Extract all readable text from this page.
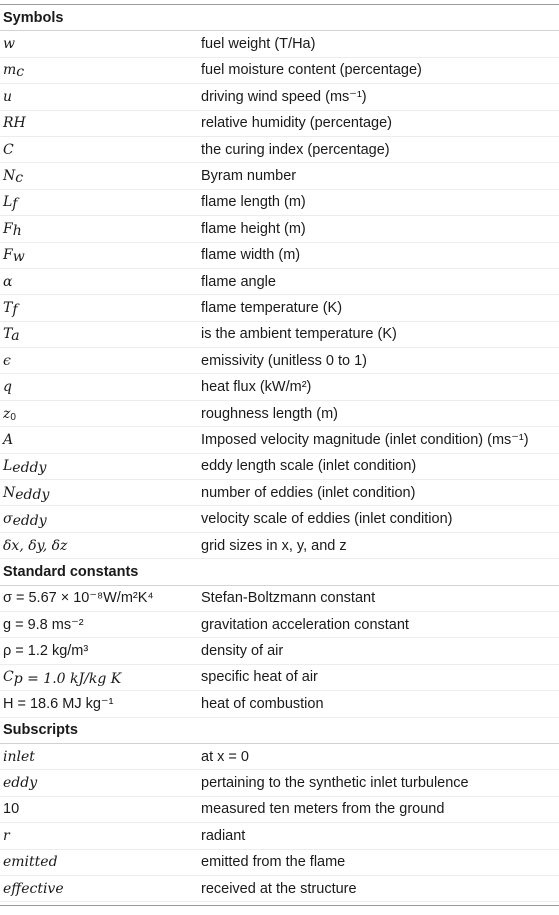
Symbols
w	fuel weight (T/Ha)
$m_c$	fuel moisture content (percentage)
u	driving wind speed (ms⁻¹)
RH	relative humidity (percentage)
C	the curing index (percentage)
$N_c$	Byram number
$L_f$	flame length (m)
$F_h$	flame height (m)
$F_w$	flame width (m)
α	flame angle
$T_f$	flame temperature (K)
$T_a$	is the ambient temperature (K)
ϵ	emissivity (unitless 0 to 1)
q	heat flux (kW/m²)
$z_0$	roughness length (m)
A	Imposed velocity magnitude (inlet condition) (ms⁻¹)
$L_{eddy}$	eddy length scale (inlet condition)
$N_{eddy}$	number of eddies (inlet condition)
$\sigma_{eddy}$	velocity scale of eddies (inlet condition)
δx, δy, δz	grid sizes in x, y, and z
Standard constants
σ = 5.67 × 10⁻⁸W/m²K⁴	Stefan-Boltzmann constant
g = 9.8 ms⁻²	gravitation acceleration constant
ρ = 1.2 kg/m³	density of air
$C_{p = 1.0 kJ/kg K}$	specific heat of air
H = 18.6 MJ kg⁻¹	heat of combustion
Subscripts
inlet	at x = 0
eddy	pertaining to the synthetic inlet turbulence
10	measured ten meters from the ground
r	radiant
emitted	emitted from the flame
effective	received at the structure
